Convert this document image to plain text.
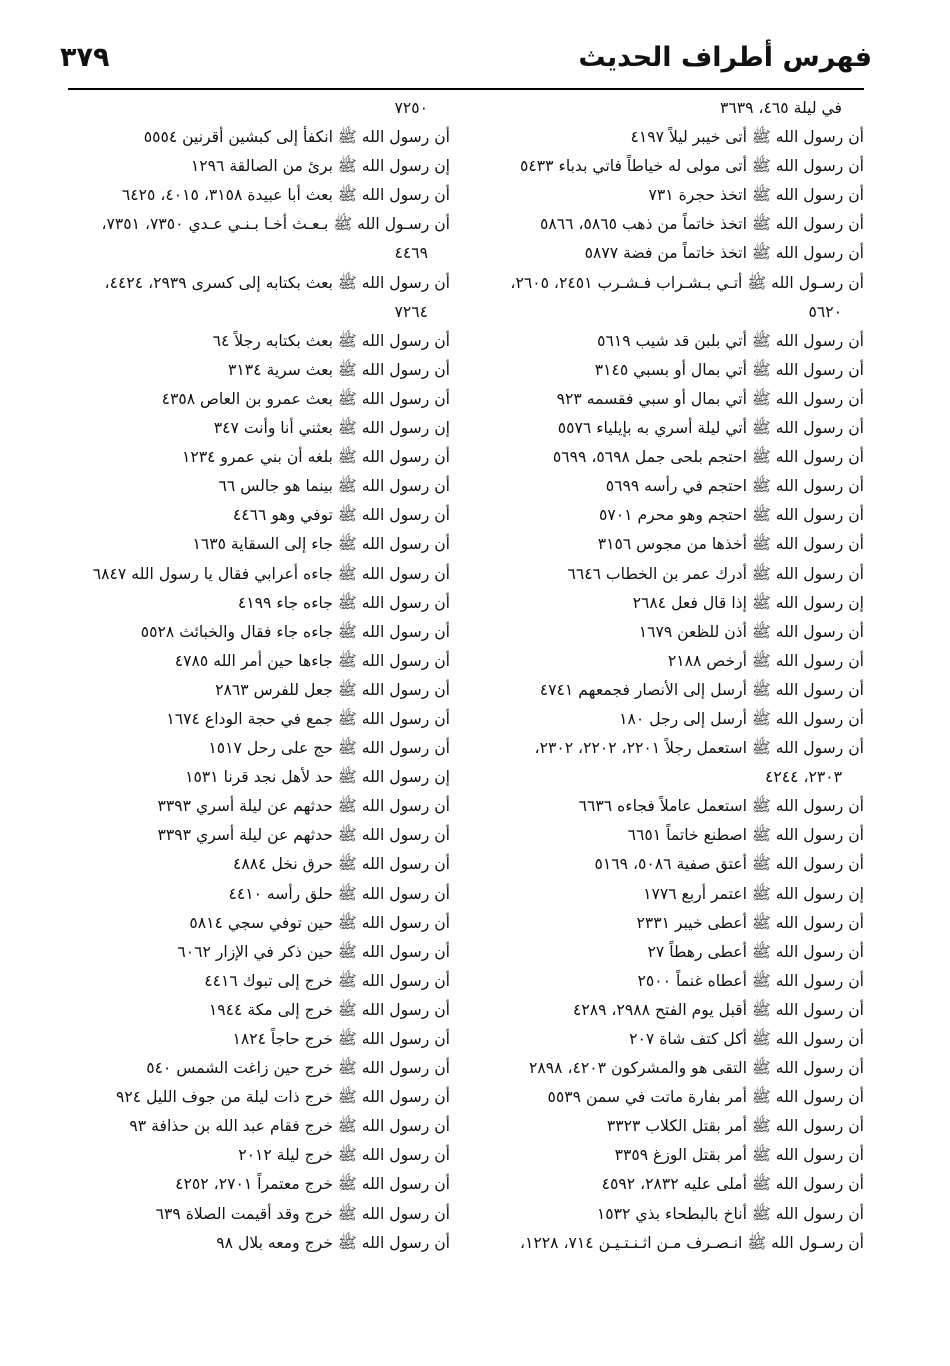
فهرس أطراف الحديث
٣٧٩
في ليلة ٤٦٥، ٣٦٣٩
أن رسول الله ﷺ أتى خيبر ليلاً ٤١٩٧
أن رسول الله ﷺ أتى مولى له خياطاً فاتي بدباء ٥٤٣٣
أن رسول الله ﷺ اتخذ حجرة ٧٣١
أن رسول الله ﷺ اتخذ خاتماً من ذهب ٥٨٦٥، ٥٨٦٦
أن رسول الله ﷺ اتخذ خاتماً من فضة ٥٨٧٧
أن رسـول الله ﷺ أتـي بـشـراب فـشـرب ٢٤٥١، ٢٦٠٥،
٥٦٢٠
أن رسول الله ﷺ أتي بلبن قد شيب ٥٦١٩
أن رسول الله ﷺ أتي بمال أو بسبي ٣١٤٥
أن رسول الله ﷺ أتي بمال أو سبي فقسمه ٩٢٣
أن رسول الله ﷺ أتي ليلة أسري به بإيلياء ٥٥٧٦
أن رسول الله ﷺ احتجم بلحى جمل ٥٦٩٨، ٥٦٩٩
أن رسول الله ﷺ احتجم في رأسه ٥٦٩٩
أن رسول الله ﷺ احتجم وهو محرم ٥٧٠١
أن رسول الله ﷺ أخذها من مجوس ٣١٥٦
أن رسول الله ﷺ أدرك عمر بن الخطاب ٦٦٤٦
إن رسول الله ﷺ إذا قال فعل ٢٦٨٤
أن رسول الله ﷺ أذن للظعن ١٦٧٩
أن رسول الله ﷺ أرخص ٢١٨٨
أن رسول الله ﷺ أرسل إلى الأنصار فجمعهم ٤٧٤١
أن رسول الله ﷺ أرسل إلى رجل ١٨٠
أن رسول الله ﷺ استعمل رجلاً ٢٢٠١، ٢٢٠٢، ٢٣٠٢،
٢٣٠٣، ٤٢٤٤
أن رسول الله ﷺ استعمل عاملاً فجاءه ٦٦٣٦
أن رسول الله ﷺ اصطنع خاتماً ٦٦٥١
أن رسول الله ﷺ أعتق صفية ٥٠٨٦، ٥١٦٩
إن رسول الله ﷺ اعتمر أربع ١٧٧٦
أن رسول الله ﷺ أعطى خيبر ٢٣٣١
أن رسول الله ﷺ أعطى رهطاً ٢٧
أن رسول الله ﷺ أعطاه غنماً ٢٥٠٠
أن رسول الله ﷺ أقبل يوم الفتح ٢٩٨٨، ٤٢٨٩
أن رسول الله ﷺ أكل كتف شاة ٢٠٧
أن رسول الله ﷺ التقى هو والمشركون ٤٢٠٣، ٢٨٩٨
أن رسول الله ﷺ أمر بفارة ماتت في سمن ٥٥٣٩
أن رسول الله ﷺ أمر بقتل الكلاب ٣٣٢٣
أن رسول الله ﷺ أمر بقتل الوزغ ٣٣٥٩
أن رسول الله ﷺ أملى عليه ٢٨٣٢، ٤٥٩٢
أن رسول الله ﷺ أناخ بالبطحاء بذي ١٥٣٢
أن رسـول الله ﷺ انـصـرف مـن اثـنـتـيـن ٧١٤، ١٢٢٨،
٧٢٥٠
أن رسول الله ﷺ انكفأ إلى كبشين أقرنين ٥٥٥٤
إن رسول الله ﷺ برئ من الصالقة ١٢٩٦
أن رسول الله ﷺ بعث أبا عبيدة ٣١٥٨، ٤٠١٥، ٦٤٢٥
أن رسـول الله ﷺ بـعـث أخـا بـنـي عـدي ٧٣٥٠، ٧٣٥١،
٤٤٦٩
أن رسول الله ﷺ بعث بكتابه إلى كسرى ٢٩٣٩، ٤٤٢٤،
٧٢٦٤
أن رسول الله ﷺ بعث بكتابه رجلاً ٦٤
أن رسول الله ﷺ بعث سرية ٣١٣٤
أن رسول الله ﷺ بعث عمرو بن العاص ٤٣٥٨
إن رسول الله ﷺ بعثني أنا وأنت ٣٤٧
أن رسول الله ﷺ بلغه أن بني عمرو ١٢٣٤
أن رسول الله ﷺ بينما هو جالس ٦٦
أن رسول الله ﷺ توفي وهو ٤٤٦٦
أن رسول الله ﷺ جاء إلى السقاية ١٦٣٥
أن رسول الله ﷺ جاءه أعرابي فقال يا رسول الله ٦٨٤٧
أن رسول الله ﷺ جاءه جاء ٤١٩٩
أن رسول الله ﷺ جاءه جاء فقال والخبائث ٥٥٢٨
أن رسول الله ﷺ جاءها حين أمر الله ٤٧٨٥
أن رسول الله ﷺ جعل للفرس ٢٨٦٣
أن رسول الله ﷺ جمع في حجة الوداع ١٦٧٤
أن رسول الله ﷺ حج على رحل ١٥١٧
إن رسول الله ﷺ حد لأهل نجد قرنا ١٥٣١
أن رسول الله ﷺ حدثهم عن ليلة أسري ٣٣٩٣
أن رسول الله ﷺ حدثهم عن ليلة أسري ٣٣٩٣
أن رسول الله ﷺ حرق نخل ٤٨٨٤
أن رسول الله ﷺ حلق رأسه ٤٤١٠
أن رسول الله ﷺ حين توفي سجي ٥٨١٤
أن رسول الله ﷺ حين ذكر في الإزار ٦٠٦٢
أن رسول الله ﷺ خرج إلى تبوك ٤٤١٦
أن رسول الله ﷺ خرج إلى مكة ١٩٤٤
أن رسول الله ﷺ خرج حاجاً ١٨٢٤
أن رسول الله ﷺ خرج حين زاغت الشمس ٥٤٠
أن رسول الله ﷺ خرج ذات ليلة من جوف الليل ٩٢٤
أن رسول الله ﷺ خرج فقام عبد الله بن حذافة ٩٣
أن رسول الله ﷺ خرج ليلة ٢٠١٢
أن رسول الله ﷺ خرج معتمراً ٢٧٠١، ٤٢٥٢
أن رسول الله ﷺ خرج وقد أقيمت الصلاة ٦٣٩
أن رسول الله ﷺ خرج ومعه بلال ٩٨
